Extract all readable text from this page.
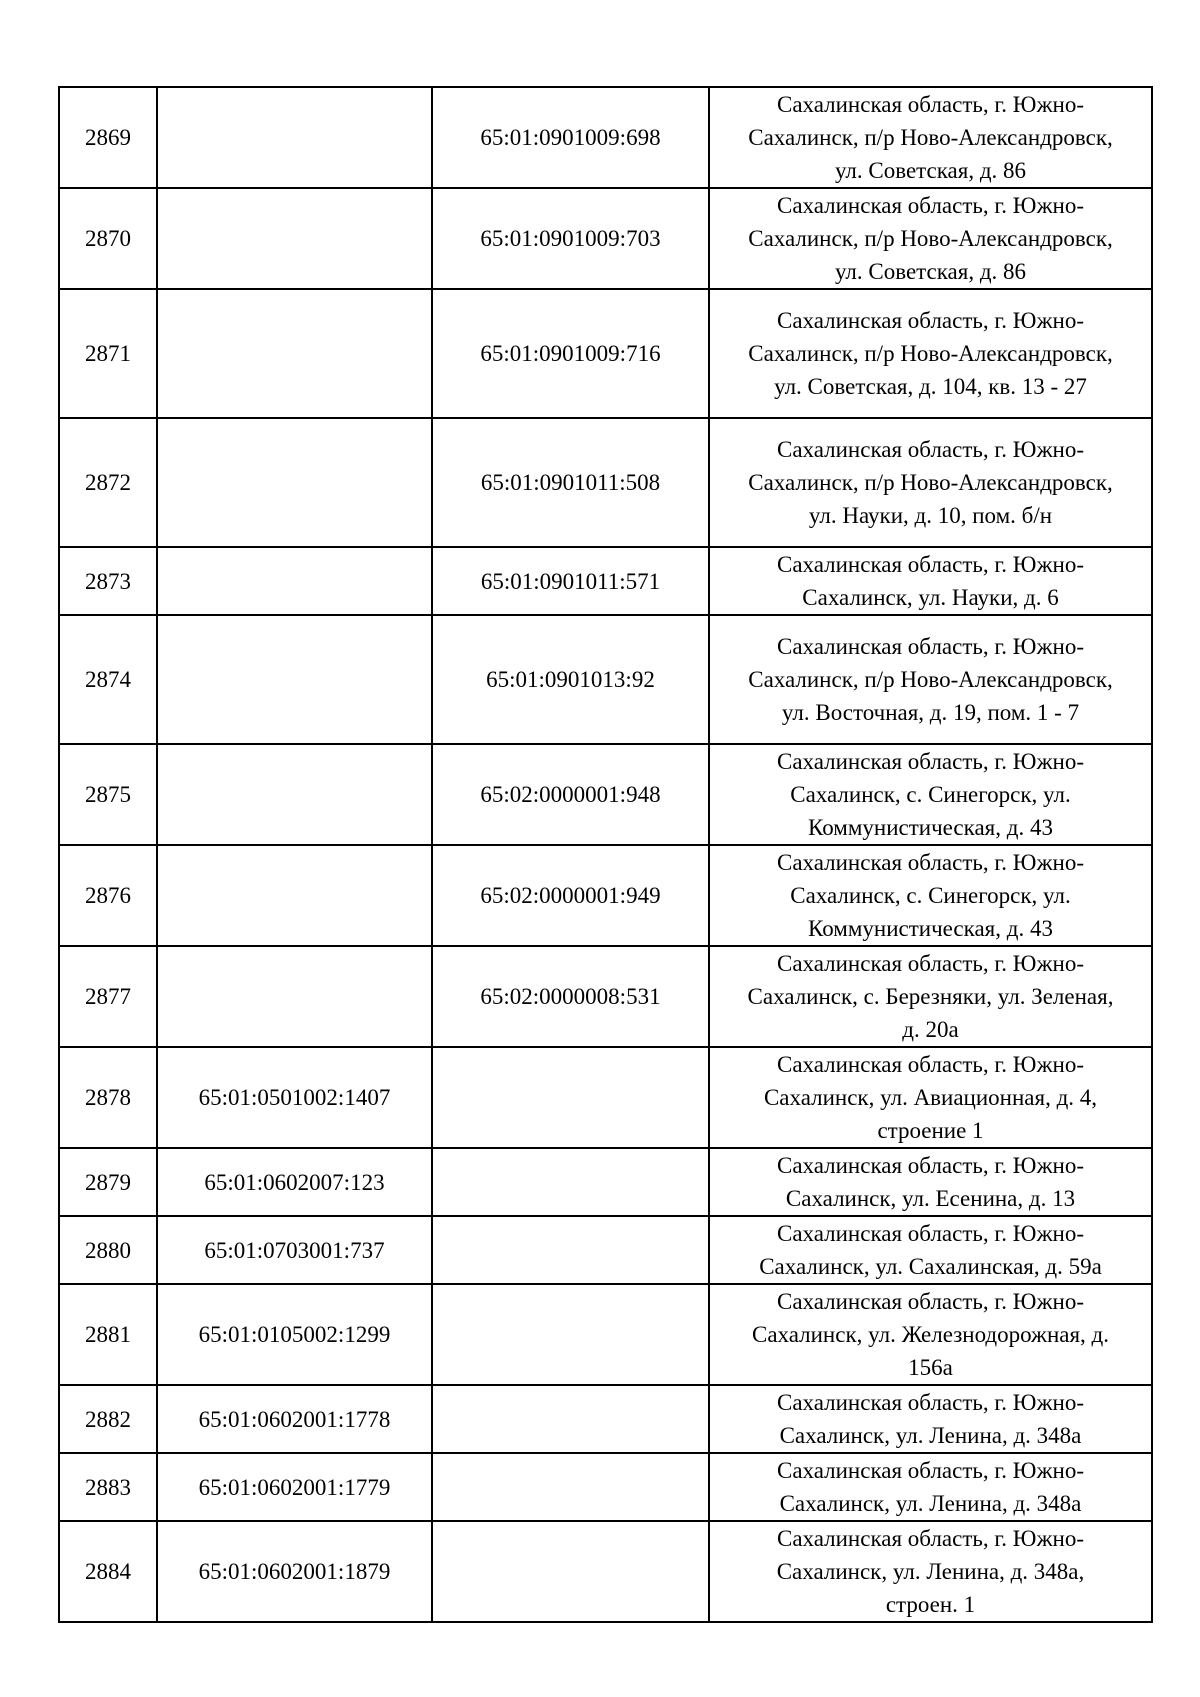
2869		65:01:0901009:698	Сахалинская область, г. Южно-
Сахалинск, п/р Ново-Александровск,
ул. Советская, д. 86

2870		65:01:0901009:703	Сахалинская область, г. Южно-
Сахалинск, п/р Ново-Александровск,
ул. Советская, д. 86

2871		65:01:0901009:716	Сахалинская область, г. Южно-
Сахалинск, п/р Ново-Александровск,
ул. Советская, д. 104, кв. 13 - 27

2872		65:01:0901011:508	Сахалинская область, г. Южно-
Сахалинск, п/р Ново-Александровск,
ул. Науки, д. 10, пом. б/н

2873		65:01:0901011:571	Сахалинская область, г. Южно-
Сахалинск, ул. Науки, д. 6

2874		65:01:0901013:92	Сахалинская область, г. Южно-
Сахалинск, п/р Ново-Александровск,
ул. Восточная, д. 19, пом. 1 - 7

2875		65:02:0000001:948	Сахалинская область, г. Южно-
Сахалинск, с. Синегорск, ул.
Коммунистическая, д. 43

2876		65:02:0000001:949	Сахалинская область, г. Южно-
Сахалинск, с. Синегорск, ул.
Коммунистическая, д. 43

2877		65:02:0000008:531	Сахалинская область, г. Южно-
Сахалинск, с. Березняки, ул. Зеленая,
д. 20а

2878	65:01:0501002:1407		Сахалинская область, г. Южно-
Сахалинск, ул. Авиационная, д. 4,
строение 1

2879	65:01:0602007:123		Сахалинская область, г. Южно-
Сахалинск, ул. Есенина, д. 13

2880	65:01:0703001:737		Сахалинская область, г. Южно-
Сахалинск, ул. Сахалинская, д. 59а

2881	65:01:0105002:1299		Сахалинская область, г. Южно-
Сахалинск, ул. Железнодорожная, д.
156а

2882	65:01:0602001:1778		Сахалинская область, г. Южно-
Сахалинск, ул. Ленина, д. 348а

2883	65:01:0602001:1779		Сахалинская область, г. Южно-
Сахалинск, ул. Ленина, д. 348а

2884	65:01:0602001:1879		Сахалинская область, г. Южно-
Сахалинск, ул. Ленина, д. 348а,
строен. 1
